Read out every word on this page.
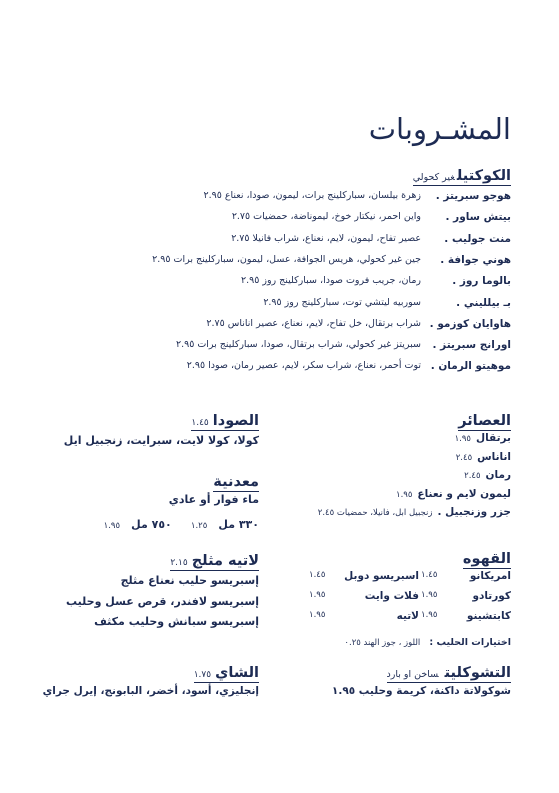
المشـروبات
الكوكتيلغير كحولي
هوجو سبريتز .
زهرة بيلسان، سباركلينج برات، ليمون، صودا، نعناع ٢.٩٥
بيتش ساور .
واين احمر، نيكتار خوخ، ليموناضة، حمضيات ٢.٧٥
منت جوليب .
عصير تفاح، ليمون، لايم، نعناع، شراب فانيلا ٢.٧٥
هوني جوافة .
جين غير كحولي، هريس الجوافة، عسل، ليمون، سباركلينج برات ٢.٩٥
بالوما روز .
رمان، جريب فروت صودا، سباركلينج روز ٢.٩٥
بـ بيلليني .
سوربيه ليتشي توت، سباركلينج روز ٢.٩٥
هاوايان كوزمو .
شراب برتقال، خل تفاح، لايم، نعناع، عصير اناناس ٢.٧٥
اورانج سبريتز .
سبريتز غير كحولي، شراب برتقال، صودا، سباركلينج برات ٢.٩٥
موهيتو الرمان .
توت أحمر، نعناع، شراب سكر، لايم، عصير رمان، صودا ٢.٩٥
العصائر
برتقال١.٩٥
اناناس٢.٤٥
رمان٢.٤٥
ليمون لايم و نعناع١.٩٥
جزر وزنجبيل .زنجبيل ابل، فانيلا، حمضيات ٢.٤٥
الصودا١.٤٥
كولا، كولا لايت، سبرايت، زنجبيل ايل
معدنية
ماء فوار أو عادي
٣٣٠ مل ١.٢٥ ٧٥٠ مل ١.٩٥
القهوه
امريكانو
١.٤٥
كورتادو
١.٩٥
كابتشينو
١.٩٥
اسبريسو دوبل
١.٤٥
فلات وايت
١.٩٥
لاتيه
١.٩٥
اختيارات الحليب : اللوز ، جوز الهند ٠.٢٥
لاتيه مثلج٢.١٥
إسبريسو حليب نعناع مثلج
إسبريسو لافندر، قرص عسل وحليب
إسبريسو سبانش وحليب مكثف
التشوكليتساخن او بارد
شوكولاتة داكنة، كريمة وحليب ١.٩٥
الشاي١.٧٥
إنجليزي، أسود، أخضر، البابونج، إيرل جراي
